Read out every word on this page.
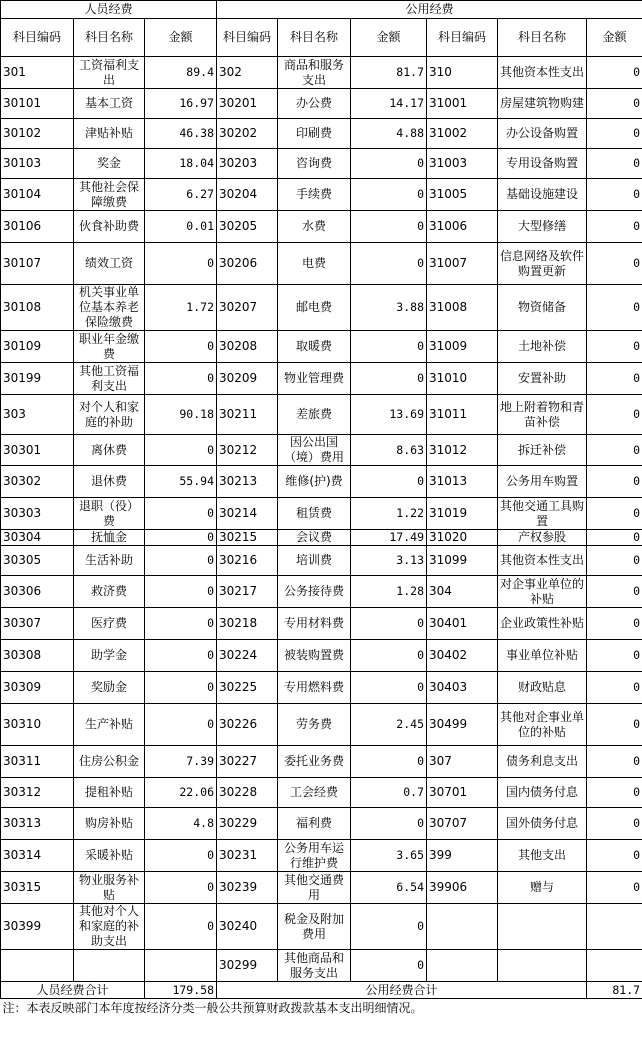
人员经费			公用经费					
科目编码	科目名称	金额	科目编码	科目名称	金额	科目编码	科目名称	金额
301	工资福利支出	89.4	302	商品和服务支出	81.7	310	其他资本性支出	0
30101	基本工资	16.97	30201	办公费	14.17	31001	房屋建筑物购建	0
30102	津贴补贴	46.38	30202	印刷费	4.88	31002	办公设备购置	0
30103	奖金	18.04	30203	咨询费	0	31003	专用设备购置	0
30104	其他社会保障缴费	6.27	30204	手续费	0	31005	基础设施建设	0
30106	伙食补助费	0.01	30205	水费	0	31006	大型修缮	0
30107	绩效工资	0	30206	电费	0	31007	信息网络及软件购置更新	0
30108	机关事业单位基本养老保险缴费	1.72	30207	邮电费	3.88	31008	物资储备	0
30109	职业年金缴费	0	30208	取暖费	0	31009	土地补偿	0
30199	其他工资福利支出	0	30209	物业管理费	0	31010	安置补助	0
303	对个人和家庭的补助	90.18	30211	差旅费	13.69	31011	地上附着物和青苗补偿	0
30301	离休费	0	30212	因公出国（境）费用	8.63	31012	拆迁补偿	0
30302	退休费	55.94	30213	维修(护)费	0	31013	公务用车购置	0
30303	退职（役）费	0	30214	租赁费	1.22	31019	其他交通工具购置	0
30304	抚恤金	0	30215	会议费	17.49	31020	产权参股	0
30305	生活补助	0	30216	培训费	3.13	31099	其他资本性支出	0
30306	救济费	0	30217	公务接待费	1.28	304	对企事业单位的补贴	0
30307	医疗费	0	30218	专用材料费	0	30401	企业政策性补贴	0
30308	助学金	0	30224	被装购置费	0	30402	事业单位补贴	0
30309	奖励金	0	30225	专用燃料费	0	30403	财政贴息	0
30310	生产补贴	0	30226	劳务费	2.45	30499	其他对企事业单位的补贴	0
30311	住房公积金	7.39	30227	委托业务费	0	307	债务利息支出	0
30312	提租补贴	22.06	30228	工会经费	0.7	30701	国内债务付息	0
30313	购房补贴	4.8	30229	福利费	0	30707	国外债务付息	0
30314	采暖补贴	0	30231	公务用车运行维护费	3.65	399	其他支出	0
30315	物业服务补贴	0	30239	其他交通费用	6.54	39906	赠与	0
30399	其他对个人和家庭的补助支出	0	30240	税金及附加费用	0			
			30299	其他商品和服务支出	0			
人员经费合计		179.58	公用经费合计					81.7
注：本表反映部门本年度按经济分类一般公共预算财政拨款基本支出明细情况。								
